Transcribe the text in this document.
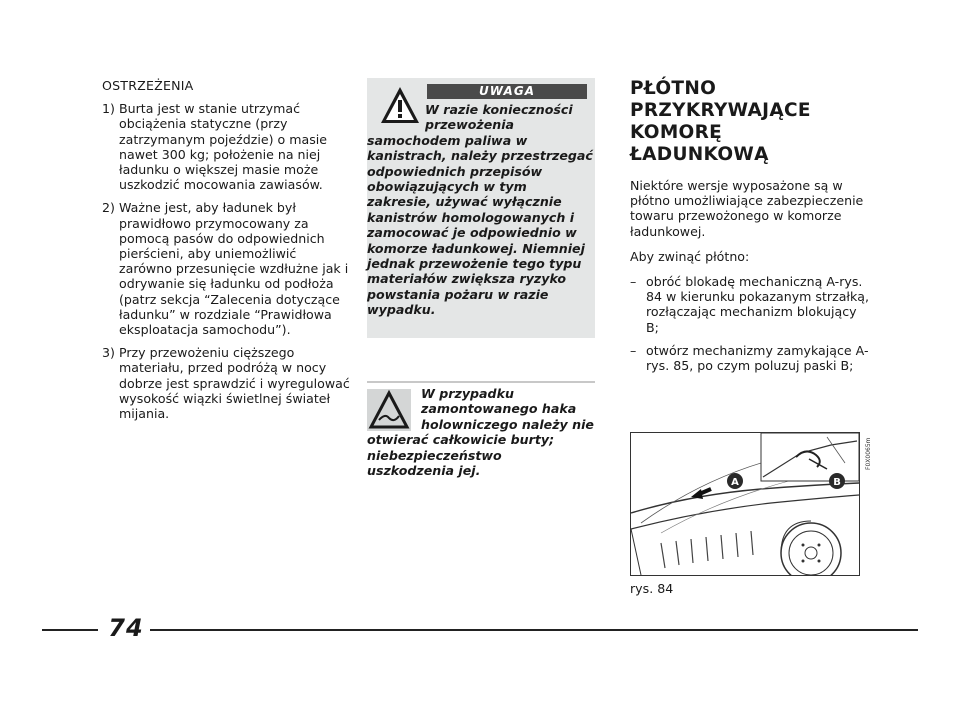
OSTRZEŻENIA
1) Burta jest w stanie utrzymać obciążenia statyczne (przy zatrzymanym pojeździe) o masie nawet 300 kg; położenie na niej ładunku o większej masie może uszkodzić mocowania zawiasów.
2) Ważne jest, aby ładunek był prawidłowo przymocowany za pomocą pasów do odpowiednich pierścieni, aby uniemożliwić zarówno przesunięcie wzdłużne jak i odrywanie się ładunku od podłoża (patrz sekcja “Zalecenia dotyczące ładunku” w rozdziale “Prawidłowa eksploatacja samochodu”).
3) Przy przewożeniu cięższego materiału, przed podróżą w nocy dobrze jest sprawdzić i wyregulować wysokość wiązki świetlnej świateł mijania.
UWAGA
W razie konieczności
przewożenia
samochodem paliwa w
kanistrach, należy przestrzegać
odpowiednich przepisów
obowiązujących w tym
zakresie, używać wyłącznie
kanistrów homologowanych i
zamocować je odpowiednio w
komorze ładunkowej. Niemniej
jednak przewożenie tego typu
materiałów zwiększa ryzyko
powstania pożaru w razie
wypadku.
W przypadku
zamontowanego haka
holowniczego należy nie
otwierać całkowicie burty;
niebezpieczeństwo
uszkodzenia jej.
PŁÓTNO
PRZYKRYWAJĄCE
KOMORĘ
ŁADUNKOWĄ

Niektóre wersje wyposażone są w płótno umożliwiające zabezpieczenie towaru przewożonego w komorze ładunkowej.

Aby zwinąć płótno:

– obróć blokadę mechaniczną A-rys. 84 w kierunku pokazanym strzałką, rozłączając mechanizm blokujący B;
– otwórz mechanizmy zamykające A-rys. 85, po czym poluzuj paski B;
A	B
F0X0065m
rys. 84
74
